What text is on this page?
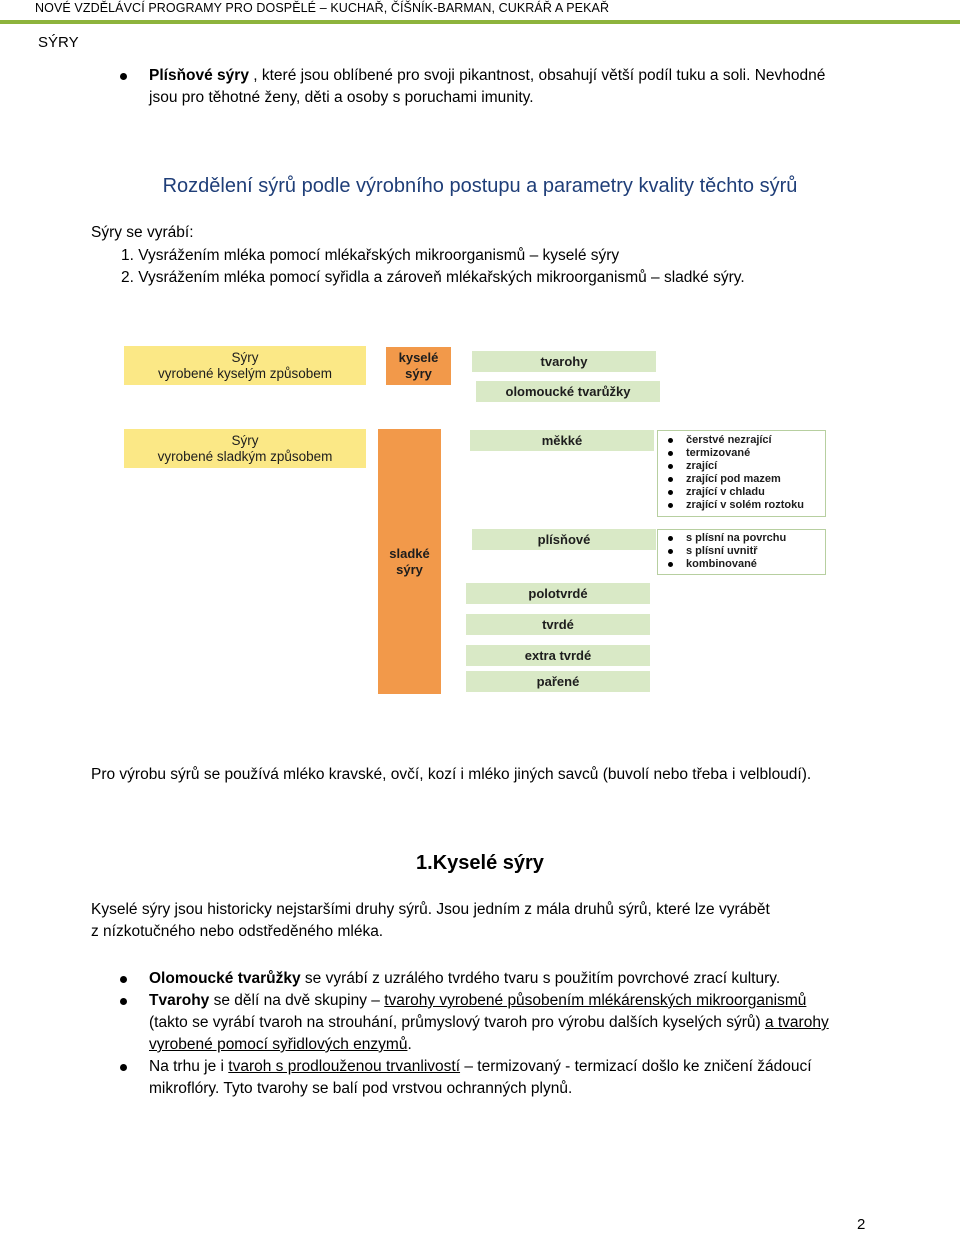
NOVÉ VZDĚLÁVCÍ PROGRAMY PRO DOSPĚLÉ – KUCHAŘ, ČÍŠNÍK-BARMAN, CUKRÁŘ A PEKAŘ
SÝRY
Plísňové sýry , které jsou oblíbené pro svoji pikantnost, obsahují větší podíl tuku a soli. Nevhodné
jsou pro těhotné ženy, děti a osoby s poruchami imunity.
Rozdělení sýrů podle výrobního postupu a parametry kvality těchto sýrů
Sýry se vyrábí:
1. Vysrážením mléka pomocí mlékařských mikroorganismů – kyselé sýry
2. Vysrážením mléka pomocí syřidla a zároveň mlékařských mikroorganismů – sladké sýry.
Sýry
vyrobené kyselým způsobem
Sýry
vyrobené sladkým způsobem
kyselé
sýry
sladké
sýry
tvarohy
olomoucké tvarůžky
měkké	čerstvé nezrající
termizované
zrající
zrající pod mazem
zrající v chladu
zrající v solém roztoku
plísňové	s plísní na povrchu
s plísní uvnitř
kombinované
polotvrdé
tvrdé
extra tvrdé
pařené
Pro výrobu sýrů se používá mléko kravské, ovčí, kozí i mléko jiných savců (buvolí nebo třeba i velbloudí).
1.Kyselé sýry
Kyselé sýry jsou historicky nejstaršími druhy sýrů. Jsou jedním z mála druhů sýrů, které lze vyrábět
z nízkotučného nebo odstředěného mléka.
Olomoucké tvarůžky se vyrábí z uzrálého tvrdého tvaru s použitím povrchové zrací kultury.
Tvarohy se dělí na dvě skupiny – tvarohy vyrobené působením mlékárenských mikroorganismů
(takto se vyrábí tvaroh na strouhání, průmyslový tvaroh pro výrobu dalších kyselých sýrů) a tvarohy
vyrobené pomocí syřidlových enzymů.
Na trhu je i tvaroh s prodlouženou trvanlivostí – termizovaný - termizací došlo ke zničení žádoucí
mikroflóry. Tyto tvarohy se balí pod vrstvou ochranných plynů.
2
